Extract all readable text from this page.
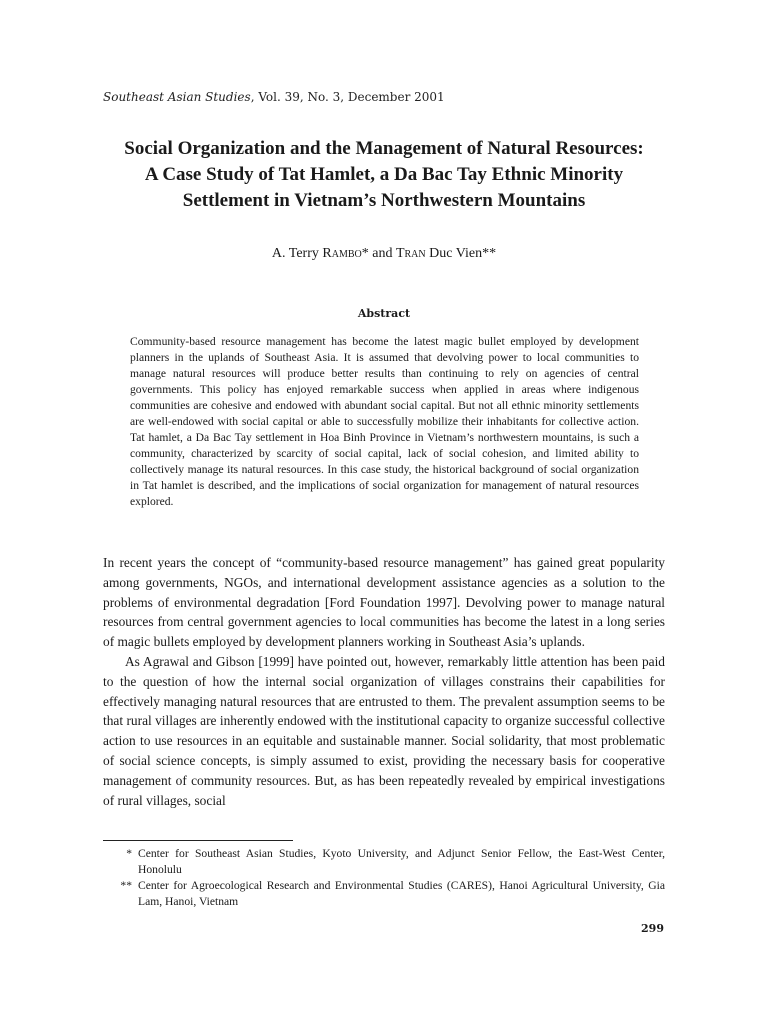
Southeast Asian Studies, Vol. 39, No. 3, December 2001
Social Organization and the Management of Natural Resources:
A Case Study of Tat Hamlet, a Da Bac Tay Ethnic Minority
Settlement in Vietnam’s Northwestern Mountains
A. Terry Rambo* and Tran Duc Vien**
Abstract
Community-based resource management has become the latest magic bullet employed by development planners in the uplands of Southeast Asia. It is assumed that devolving power to local communities to manage natural resources will produce better results than continuing to rely on agencies of central governments. This policy has enjoyed remarkable success when applied in areas where indigenous communities are cohesive and endowed with abundant social capital. But not all ethnic minority settlements are well-endowed with social capital or able to successfully mobilize their inhabitants for collective action. Tat hamlet, a Da Bac Tay settlement in Hoa Binh Province in Vietnam’s northwestern mountains, is such a community, characterized by scarcity of social capital, lack of social cohesion, and limited ability to collectively manage its natural resources. In this case study, the historical background of social organization in Tat hamlet is described, and the implications of social organization for management of natural resources explored.

In recent years the concept of “community-based resource management” has gained great popularity among governments, NGOs, and international development assistance agencies as a solution to the problems of environmental degradation [Ford Foundation 1997]. Devolving power to manage natural resources from central government agencies to local communities has become the latest in a long series of magic bullets employed by development planners working in Southeast Asia’s uplands.

As Agrawal and Gibson [1999] have pointed out, however, remarkably little attention has been paid to the question of how the internal social organization of villages constrains their capabilities for effectively managing natural resources that are entrusted to them. The prevalent assumption seems to be that rural villages are inherently endowed with the institutional capacity to organize successful collective action to use resources in an equitable and sustainable manner. Social solidarity, that most problematic of social science concepts, is simply assumed to exist, providing the necessary basis for cooperative management of community resources. But, as has been repeatedly revealed by empirical investigations of rural villages, social

* Center for Southeast Asian Studies, Kyoto University, and Adjunct Senior Fellow, the East-West Center, Honolulu
** Center for Agroecological Research and Environmental Studies (CARES), Hanoi Agricultural University, Gia Lam, Hanoi, Vietnam
299
